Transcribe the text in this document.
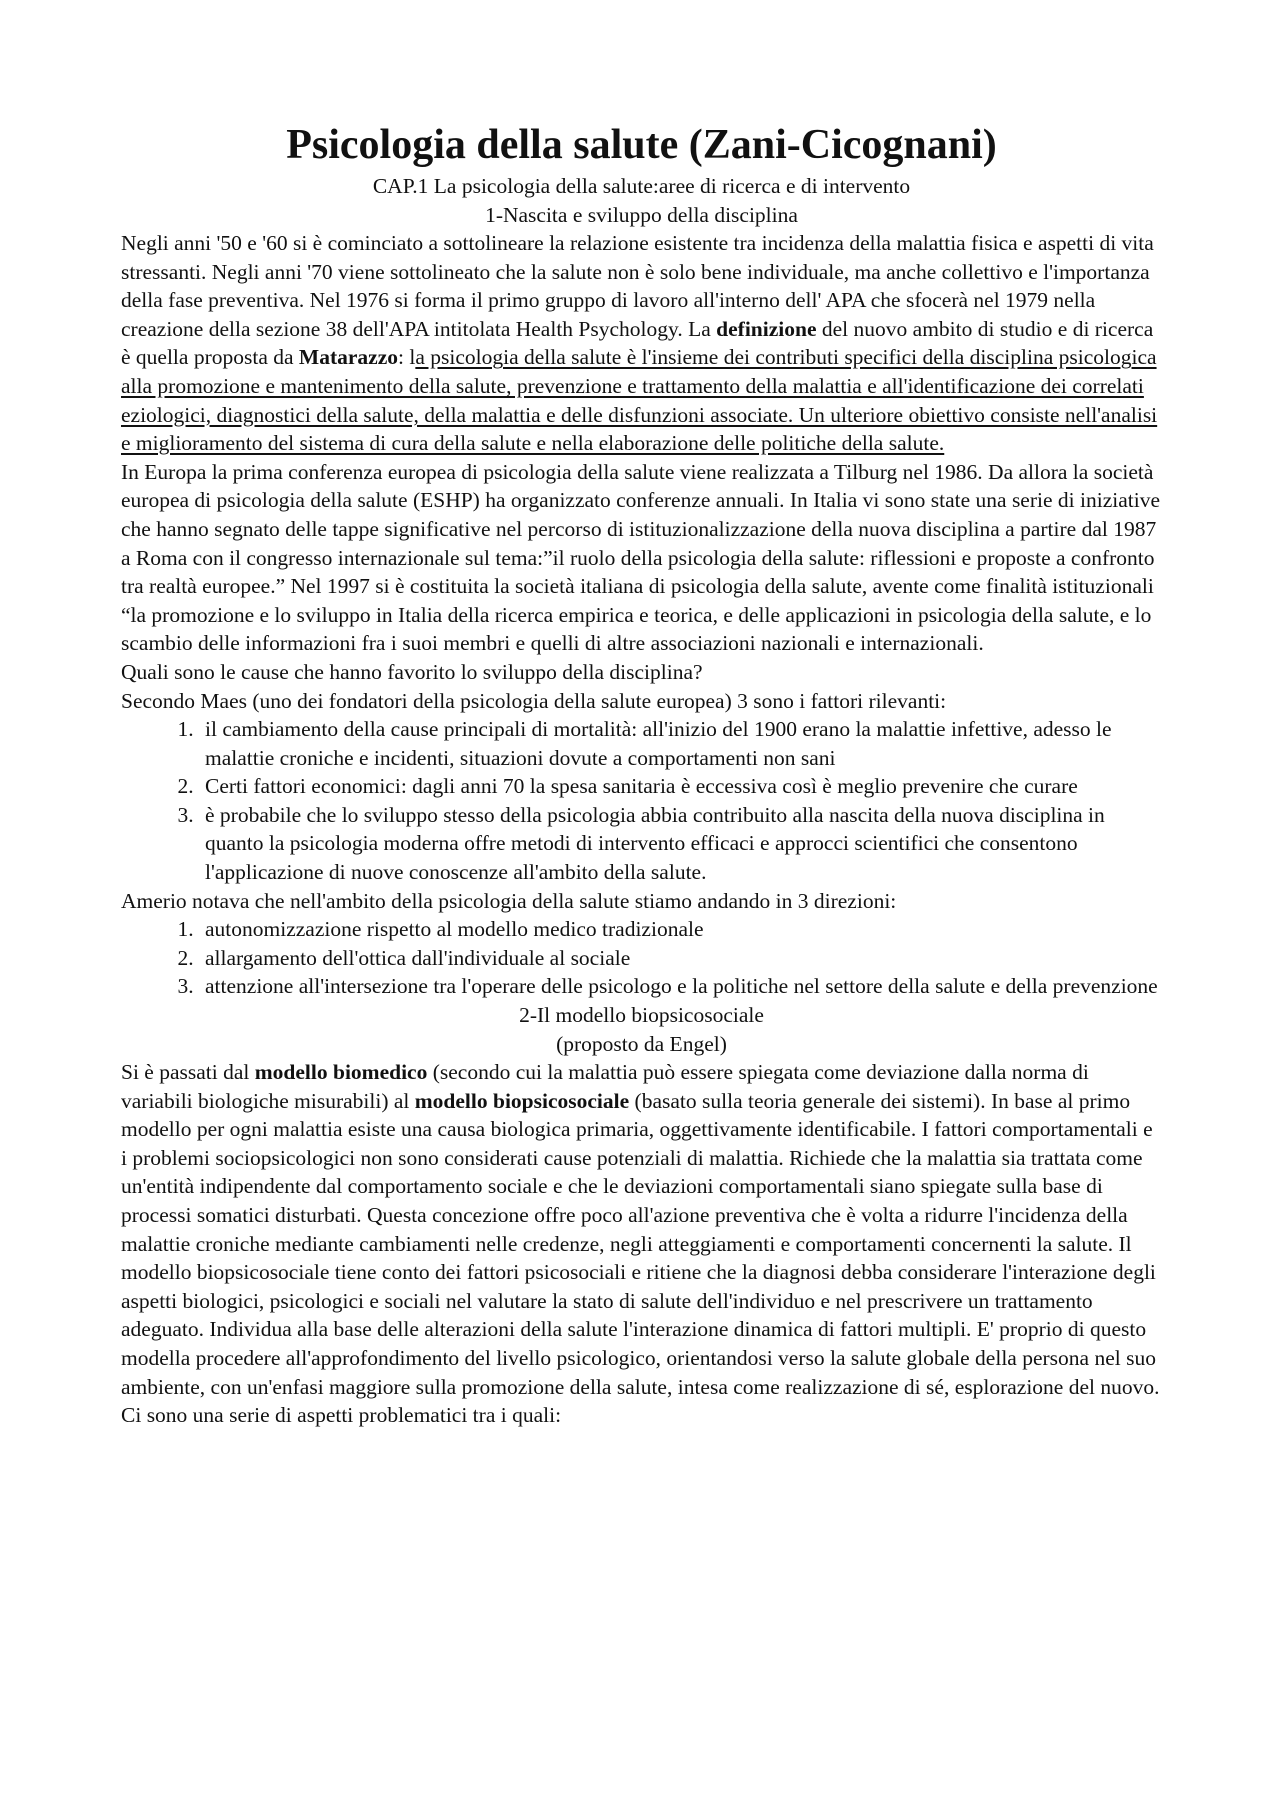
Psicologia della salute (Zani-Cicognani)

CAP.1 La psicologia della salute:aree di ricerca e di intervento

1-Nascita e sviluppo della disciplina

Negli anni '50 e '60 si è cominciato a sottolineare la relazione esistente tra incidenza della malattia fisica e aspetti di vita stressanti. Negli anni '70 viene sottolineato che la salute non è solo bene individuale, ma anche collettivo e l'importanza della fase preventiva. Nel 1976 si forma il primo gruppo di lavoro all'interno dell' APA che sfocerà nel 1979 nella creazione della sezione 38 dell'APA intitolata Health Psychology. La definizione del nuovo ambito di studio e di ricerca è quella proposta da Matarazzo: la psicologia della salute è l'insieme dei contributi specifici della disciplina psicologica alla promozione e mantenimento della salute, prevenzione e trattamento della malattia e all'identificazione dei correlati eziologici, diagnostici della salute, della malattia e delle disfunzioni associate. Un ulteriore obiettivo consiste nell'analisi e miglioramento del sistema di cura della salute e nella elaborazione delle politiche della salute.

In Europa la prima conferenza europea di psicologia della salute viene realizzata a Tilburg nel 1986. Da allora la società europea di psicologia della salute (ESHP) ha organizzato conferenze annuali. In Italia vi sono state una serie di iniziative che hanno segnato delle tappe significative nel percorso di istituzionalizzazione della nuova disciplina a partire dal 1987 a Roma con il congresso internazionale sul tema:”il ruolo della psicologia della salute: riflessioni e proposte a confronto tra realtà europee.” Nel 1997 si è costituita la società italiana di psicologia della salute, avente come finalità istituzionali “la promozione e lo sviluppo in Italia della ricerca empirica e teorica, e delle applicazioni in psicologia della salute, e lo scambio delle informazioni fra i suoi membri e quelli di altre associazioni nazionali e internazionali.

Quali sono le cause che hanno favorito lo sviluppo della disciplina?

Secondo Maes (uno dei fondatori della psicologia della salute europea) 3 sono i fattori rilevanti:

1. il cambiamento della cause principali di mortalità: all'inizio del 1900 erano la malattie infettive, adesso le malattie croniche e incidenti, situazioni dovute a comportamenti non sani
2. Certi fattori economici: dagli anni 70 la spesa sanitaria è eccessiva così è meglio prevenire che curare
3. è probabile che lo sviluppo stesso della psicologia abbia contribuito alla nascita della nuova disciplina in quanto la psicologia moderna offre metodi di intervento efficaci e approcci scientifici che consentono l'applicazione di nuove conoscenze all'ambito della salute.

Amerio notava che nell'ambito della psicologia della salute stiamo andando in 3 direzioni:

1. autonomizzazione rispetto al modello medico tradizionale
2. allargamento dell'ottica dall'individuale al sociale
3. attenzione all'intersezione tra l'operare delle psicologo e la politiche nel settore della salute e della prevenzione

2-Il modello biopsicosociale

(proposto da Engel)

Si è passati dal modello biomedico (secondo cui la malattia può essere spiegata come deviazione dalla norma di variabili biologiche misurabili) al modello biopsicosociale (basato sulla teoria generale dei sistemi). In base al primo modello per ogni malattia esiste una causa biologica primaria, oggettivamente identificabile. I fattori comportamentali e i problemi sociopsicologici non sono considerati cause potenziali di malattia. Richiede che la malattia sia trattata come un'entità indipendente dal comportamento sociale e che le deviazioni comportamentali siano spiegate sulla base di processi somatici disturbati. Questa concezione offre poco all'azione preventiva che è volta a ridurre l'incidenza della malattie croniche mediante cambiamenti nelle credenze, negli atteggiamenti e comportamenti concernenti la salute. Il modello biopsicosociale tiene conto dei fattori psicosociali e ritiene che la diagnosi debba considerare l'interazione degli aspetti biologici, psicologici e sociali nel valutare la stato di salute dell'individuo e nel prescrivere un trattamento adeguato. Individua alla base delle alterazioni della salute l'interazione dinamica di fattori multipli. E' proprio di questo modella procedere all'approfondimento del livello psicologico, orientandosi verso la salute globale della persona nel suo ambiente, con un'enfasi maggiore sulla promozione della salute, intesa come realizzazione di sé, esplorazione del nuovo. Ci sono una serie di aspetti problematici tra i quali:
